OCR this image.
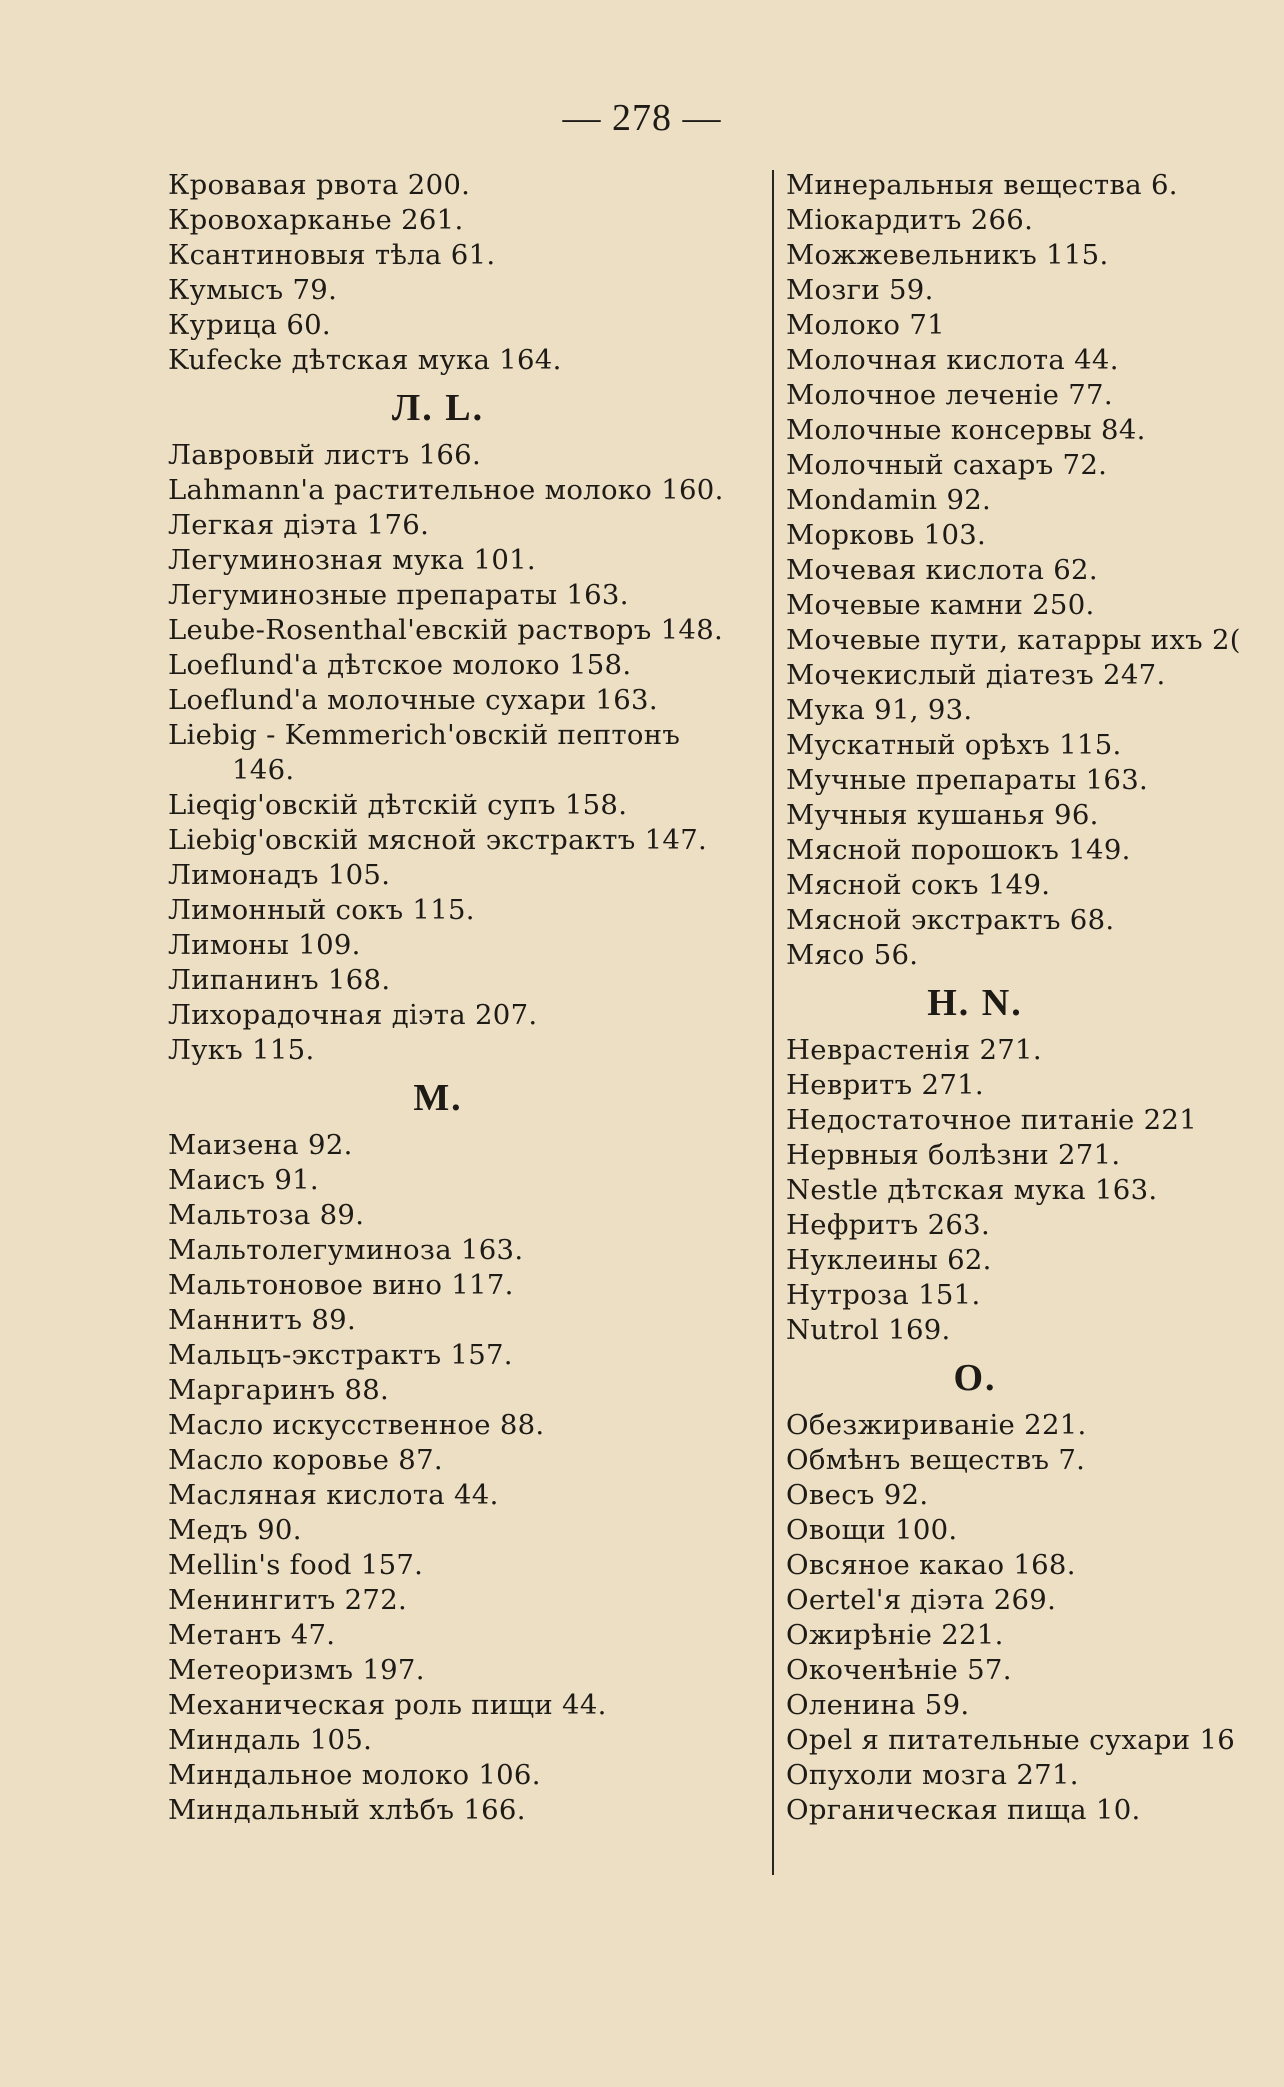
— 278 —
Кровавая рвота 200.
Кровохарканье 261.
Ксантиновыя тѣла 61.
Кумысъ 79.
Курица 60.
Kufeckе дѣтская мука 164.
Л. L.
Лавровый листъ 166.
Lahmann'а растительное молоко 160.
Легкая діэта 176.
Легуминозная мука 101.
Легуминозные препараты 163.
Leube-Rosenthal'евскій растворъ 148.
Loeflund'а дѣтское молоко 158.
Loeflund'а молочные сухари 163.
Liebig - Kemmerich'овскій пептонъ
146.
Lieqig'овскій дѣтскій супъ 158.
Liebig'овскій мясной экстрактъ 147.
Лимонадъ 105.
Лимонный сокъ 115.
Лимоны 109.
Липанинъ 168.
Лихорадочная діэта 207.
Лукъ 115.
М.
Маизена 92.
Маисъ 91.
Мальтоза 89.
Мальтолегуминоза 163.
Мальтоновое вино 117.
Маннитъ 89.
Мальцъ-экстрактъ 157.
Маргаринъ 88.
Масло искусственное 88.
Масло коровье 87.
Масляная кислота 44.
Медъ 90.
Mellin's food 157.
Менингитъ 272.
Метанъ 47.
Метеоризмъ 197.
Механическая роль пищи 44.
Миндаль 105.
Миндальное молоко 106.
Миндальный хлѣбъ 166.
Минеральныя вещества 6.
Міокардитъ 266.
Можжевельникъ 115.
Мозги 59.
Молоко 71
Молочная кислота 44.
Молочное леченіе 77.
Молочные консервы 84.
Молочный сахаръ 72.
Mondamin 92.
Морковь 103.
Мочевая кислота 62.
Мочевые камни 250.
Мочевые пути, катарры ихъ 2(
Мочекислый діатезъ 247.
Мука 91, 93.
Мускатный орѣхъ 115.
Мучные препараты 163.
Мучныя кушанья 96.
Мясной порошокъ 149.
Мясной сокъ 149.
Мясной экстрактъ 68.
Мясо 56.
Н. N.
Неврастенія 271.
Невритъ 271.
Недостаточное питаніе 221
Нервныя болѣзни 271.
Nestle дѣтская мука 163.
Нефритъ 263.
Нуклеины 62.
Нутроза 151.
Nutrol 169.
О.
Обезжириваніе 221.
Обмѣнъ веществъ 7.
Овесъ 92.
Овощи 100.
Овсяное какао 168.
Oertel'я діэта 269.
Ожирѣніе 221.
Окоченѣніе 57.
Оленина 59.
Opel я питательные сухари 16
Опухоли мозга 271.
Органическая пища 10.
